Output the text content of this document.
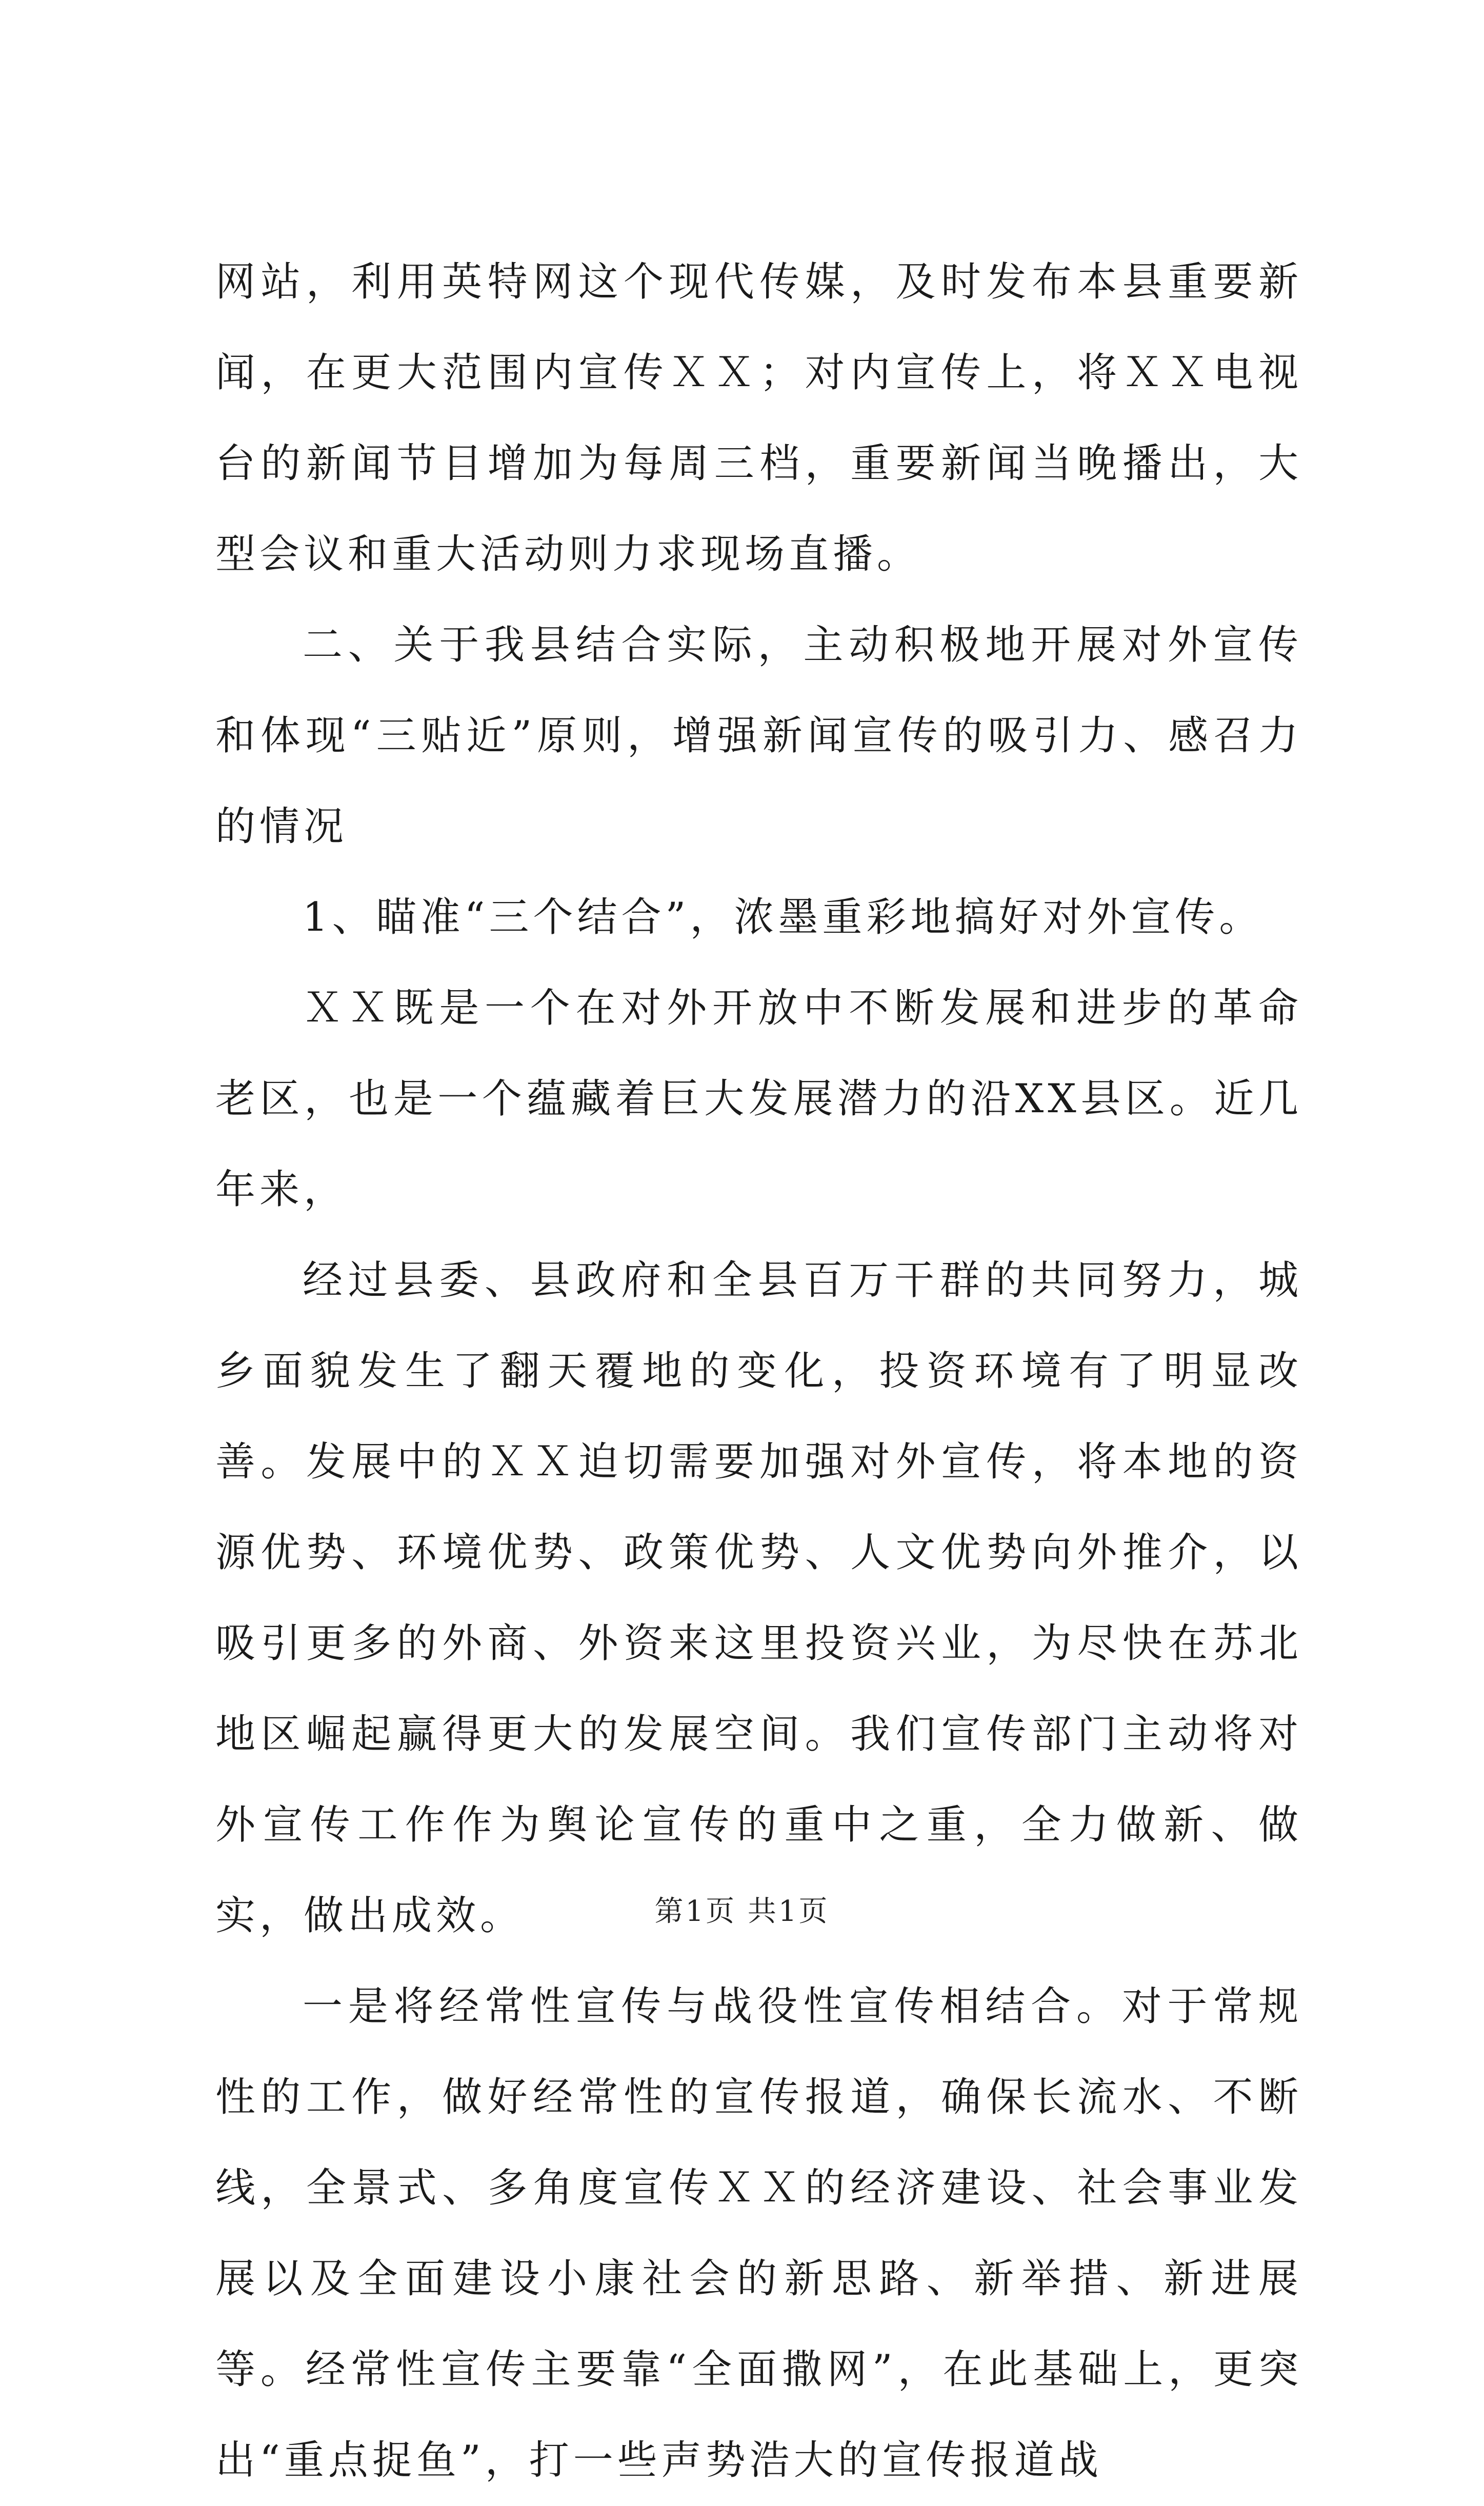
网站，利用英特网这个现代传媒，及时发布本县重要新闻，在更大范围内宣传ＸＸ；对内宣传上，将ＸＸ电视台的新闻节目增加为每周三档，重要新闻当晚播出，大型会议和重大活动则力求现场直播。

二、关于我县结合实际，主动积极地开展对外宣传和体现“三贴近”原则，增强新闻宣传的吸引力、感召力的情况

1、瞄准“三个结合”，浓墨重彩地搞好对外宣传。

ＸＸ既是一个在对外开放中不断发展和进步的革命老区，也是一个蕴藏着巨大发展潜力的沿XX县区。近几年来，

经过县委、县政府和全县百万干群的共同努力，城乡面貌发生了翻天覆地的变化，投资环境有了明显改善。发展中的ＸＸ迫切需要加强对外宣传，将本地的资源优势、环境优势、政策优势、人文优势向外推介，以吸引更多的外商、外资来这里投资兴业，为尽快在苏北地区崛起赢得更大的发展空间。我们宣传部门主动将对外宣传工作作为舆论宣传的重中之重，全力做新、做实，做出成效。

一是将经常性宣传与战役性宣传相结合。对于常规性的工作，做好经常性的宣传报道，确保长流水、不断线，全景式、多角度宣传ＸＸ的经济建设、社会事业发展以及全面建设小康社会的新思路、新举措、新进展等。经常性宣传主要靠“全面撒网”，在此基础上，更突出“重点捉鱼”，打一些声势浩大的宣传报道战

第1页 共1页
